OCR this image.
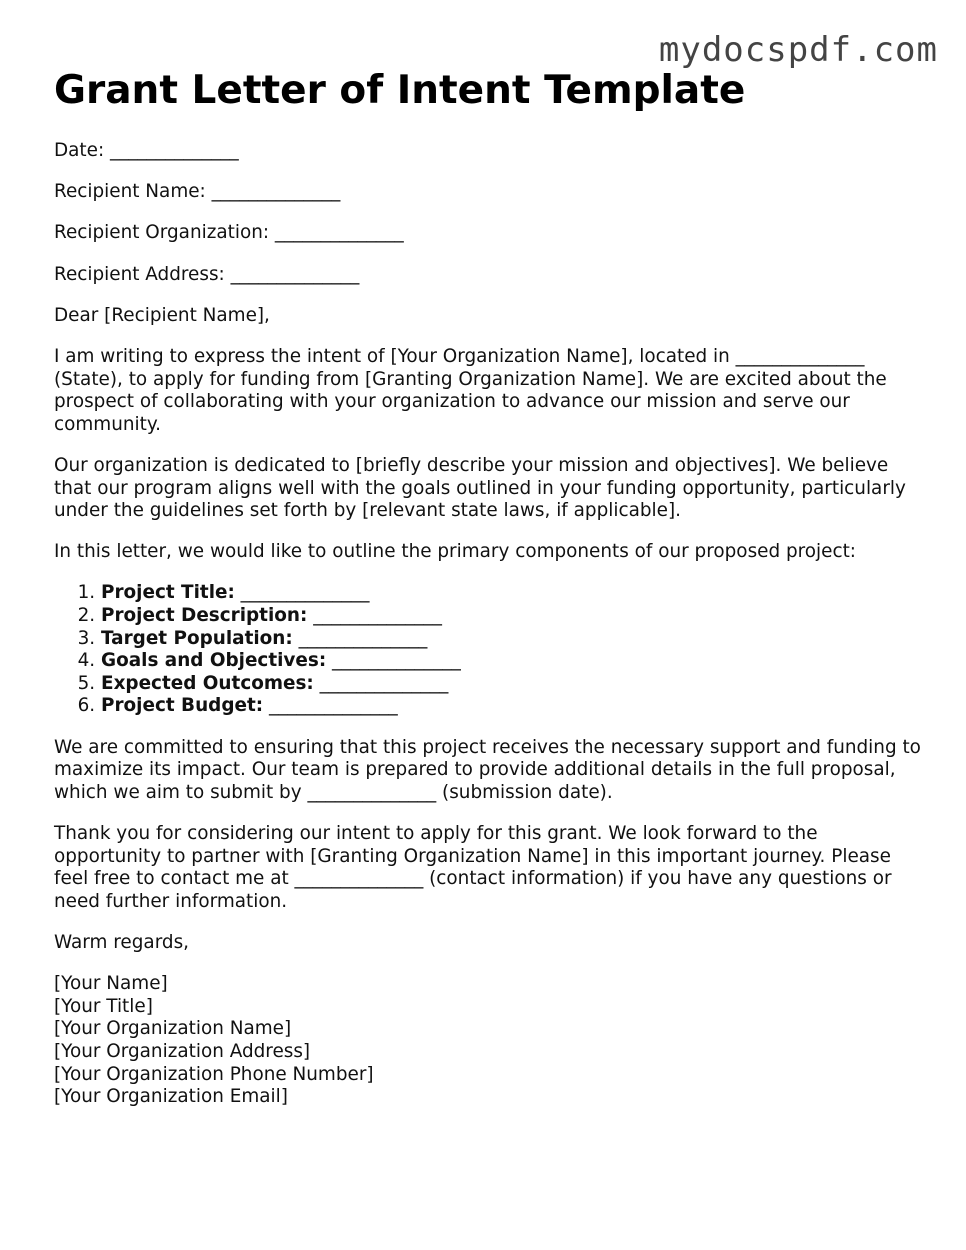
mydocspdf.com
Grant Letter of Intent Template

Date: ______________

Recipient Name: ______________

Recipient Organization: ______________

Recipient Address: ______________

Dear [Recipient Name],

I am writing to express the intent of [Your Organization Name], located in ______________ (State), to apply for funding from [Granting Organization Name]. We are excited about the prospect of collaborating with your organization to advance our mission and serve our community.

Our organization is dedicated to [briefly describe your mission and objectives]. We believe that our program aligns well with the goals outlined in your funding opportunity, particularly under the guidelines set forth by [relevant state laws, if applicable].

In this letter, we would like to outline the primary components of our proposed project:

1. Project Title: ______________
2. Project Description: ______________
3. Target Population: ______________
4. Goals and Objectives: ______________
5. Expected Outcomes: ______________
6. Project Budget: ______________

We are committed to ensuring that this project receives the necessary support and funding to maximize its impact. Our team is prepared to provide additional details in the full proposal, which we aim to submit by ______________ (submission date).

Thank you for considering our intent to apply for this grant. We look forward to the opportunity to partner with [Granting Organization Name] in this important journey. Please feel free to contact me at ______________ (contact information) if you have any questions or need further information.

Warm regards,

[Your Name]
[Your Title]
[Your Organization Name]
[Your Organization Address]
[Your Organization Phone Number]
[Your Organization Email]
